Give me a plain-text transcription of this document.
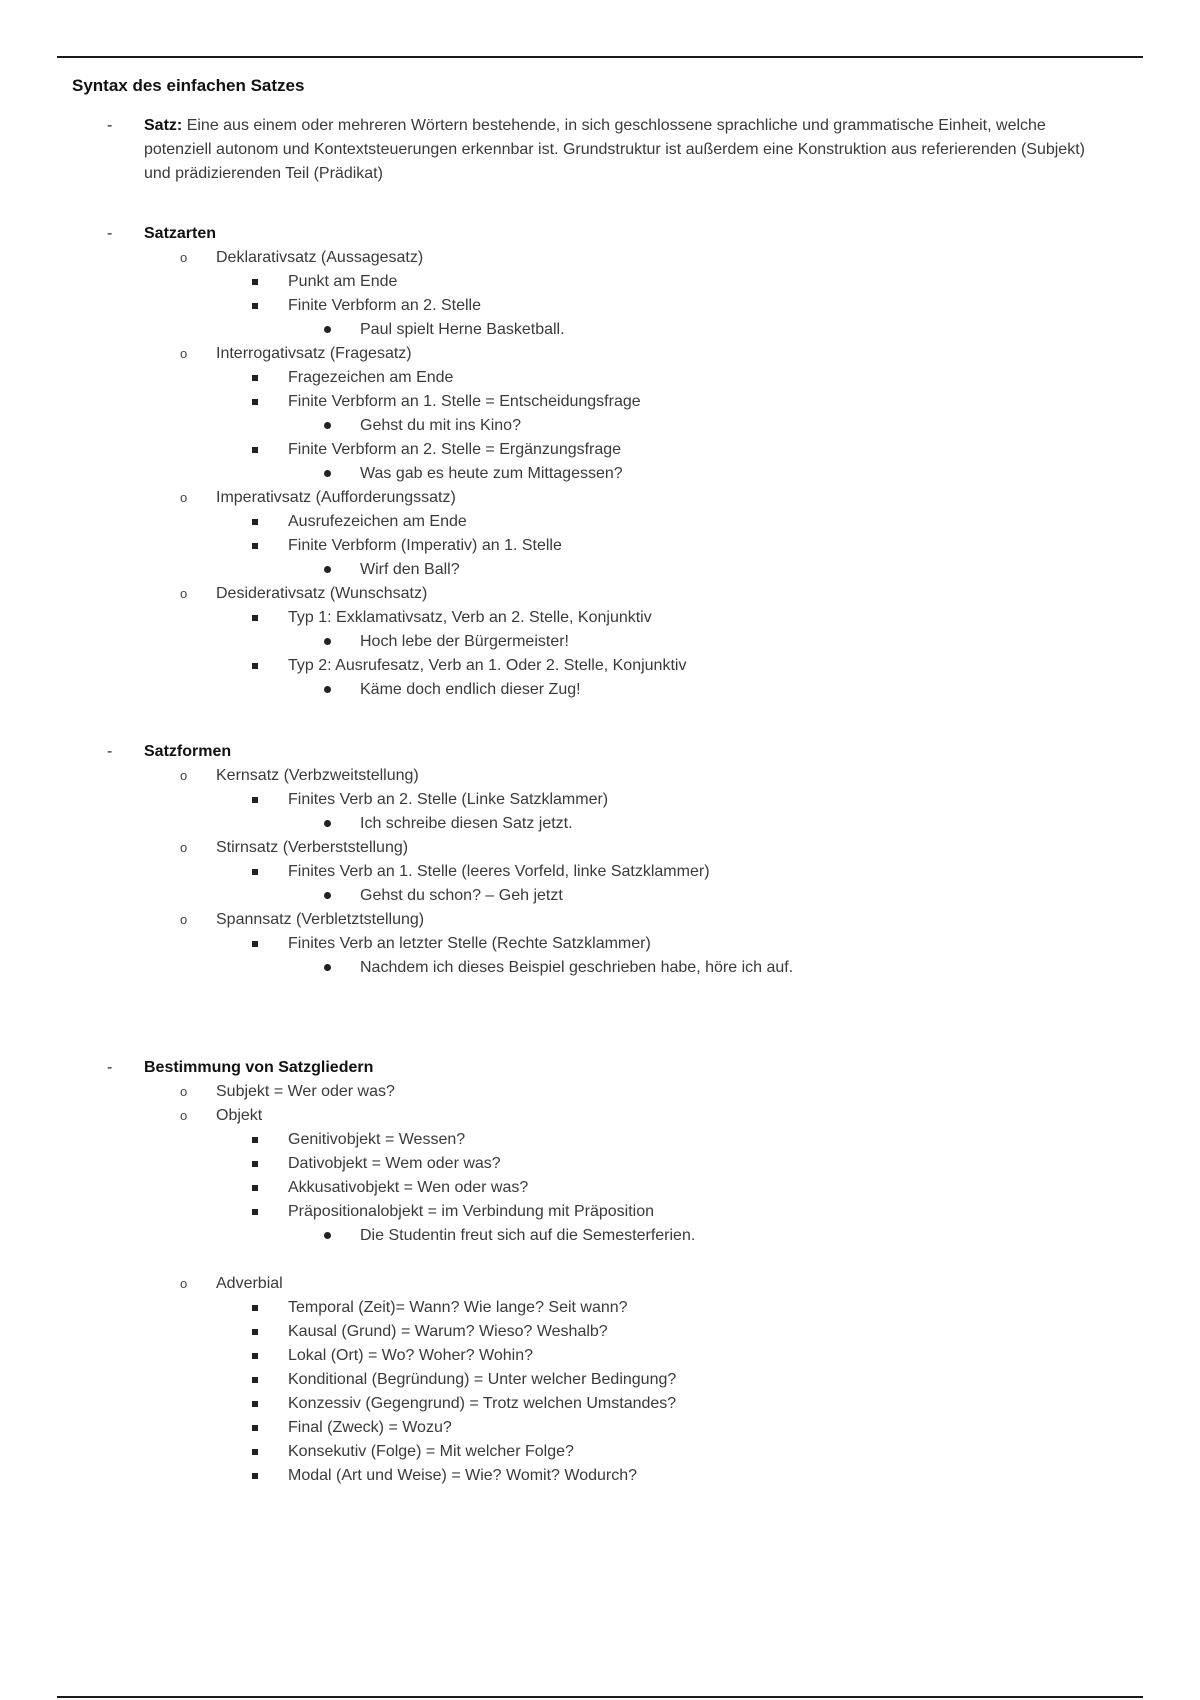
Syntax des einfachen Satzes
- Satz: Eine aus einem oder mehreren Wörtern bestehende, in sich geschlossene sprachliche und grammatische Einheit, welche potenziell autonom und Kontextsteuerungen erkennbar ist. Grundstruktur ist außerdem eine Konstruktion aus referierenden (Subjekt) und prädizierenden Teil (Prädikat)
- Satzarten
o Deklarativsatz (Aussagesatz)
Punkt am Ende
Finite Verbform an 2. Stelle
Paul spielt Herne Basketball.
o Interrogativsatz (Fragesatz)
Fragezeichen am Ende
Finite Verbform an 1. Stelle = Entscheidungsfrage
Gehst du mit ins Kino?
Finite Verbform an 2. Stelle = Ergänzungsfrage
Was gab es heute zum Mittagessen?
o Imperativsatz (Aufforderungssatz)
Ausrufezeichen am Ende
Finite Verbform (Imperativ) an 1. Stelle
Wirf den Ball?
o Desiderativsatz (Wunschsatz)
Typ 1: Exklamativsatz, Verb an 2. Stelle, Konjunktiv
Hoch lebe der Bürgermeister!
Typ 2: Ausrufesatz, Verb an 1. Oder 2. Stelle, Konjunktiv
Käme doch endlich dieser Zug!
- Satzformen
o Kernsatz (Verbzweitstellung)
Finites Verb an 2. Stelle (Linke Satzklammer)
Ich schreibe diesen Satz jetzt.
o Stirnsatz (Verberststellung)
Finites Verb an 1. Stelle (leeres Vorfeld, linke Satzklammer)
Gehst du schon? – Geh jetzt
o Spannsatz (Verbletztstellung)
Finites Verb an letzter Stelle (Rechte Satzklammer)
Nachdem ich dieses Beispiel geschrieben habe, höre ich auf.
- Bestimmung von Satzgliedern
o Subjekt = Wer oder was?
o Objekt
Genitivobjekt = Wessen?
Dativobjekt = Wem oder was?
Akkusativobjekt = Wen oder was?
Präpositionalobjekt = im Verbindung mit Präposition
Die Studentin freut sich auf die Semesterferien.
o Adverbial
Temporal (Zeit)= Wann? Wie lange? Seit wann?
Kausal (Grund) = Warum? Wieso? Weshalb?
Lokal (Ort) = Wo? Woher? Wohin?
Konditional (Begründung) = Unter welcher Bedingung?
Konzessiv (Gegengrund) = Trotz welchen Umstandes?
Final (Zweck) = Wozu?
Konsekutiv (Folge) = Mit welcher Folge?
Modal (Art und Weise) = Wie? Womit? Wodurch?
